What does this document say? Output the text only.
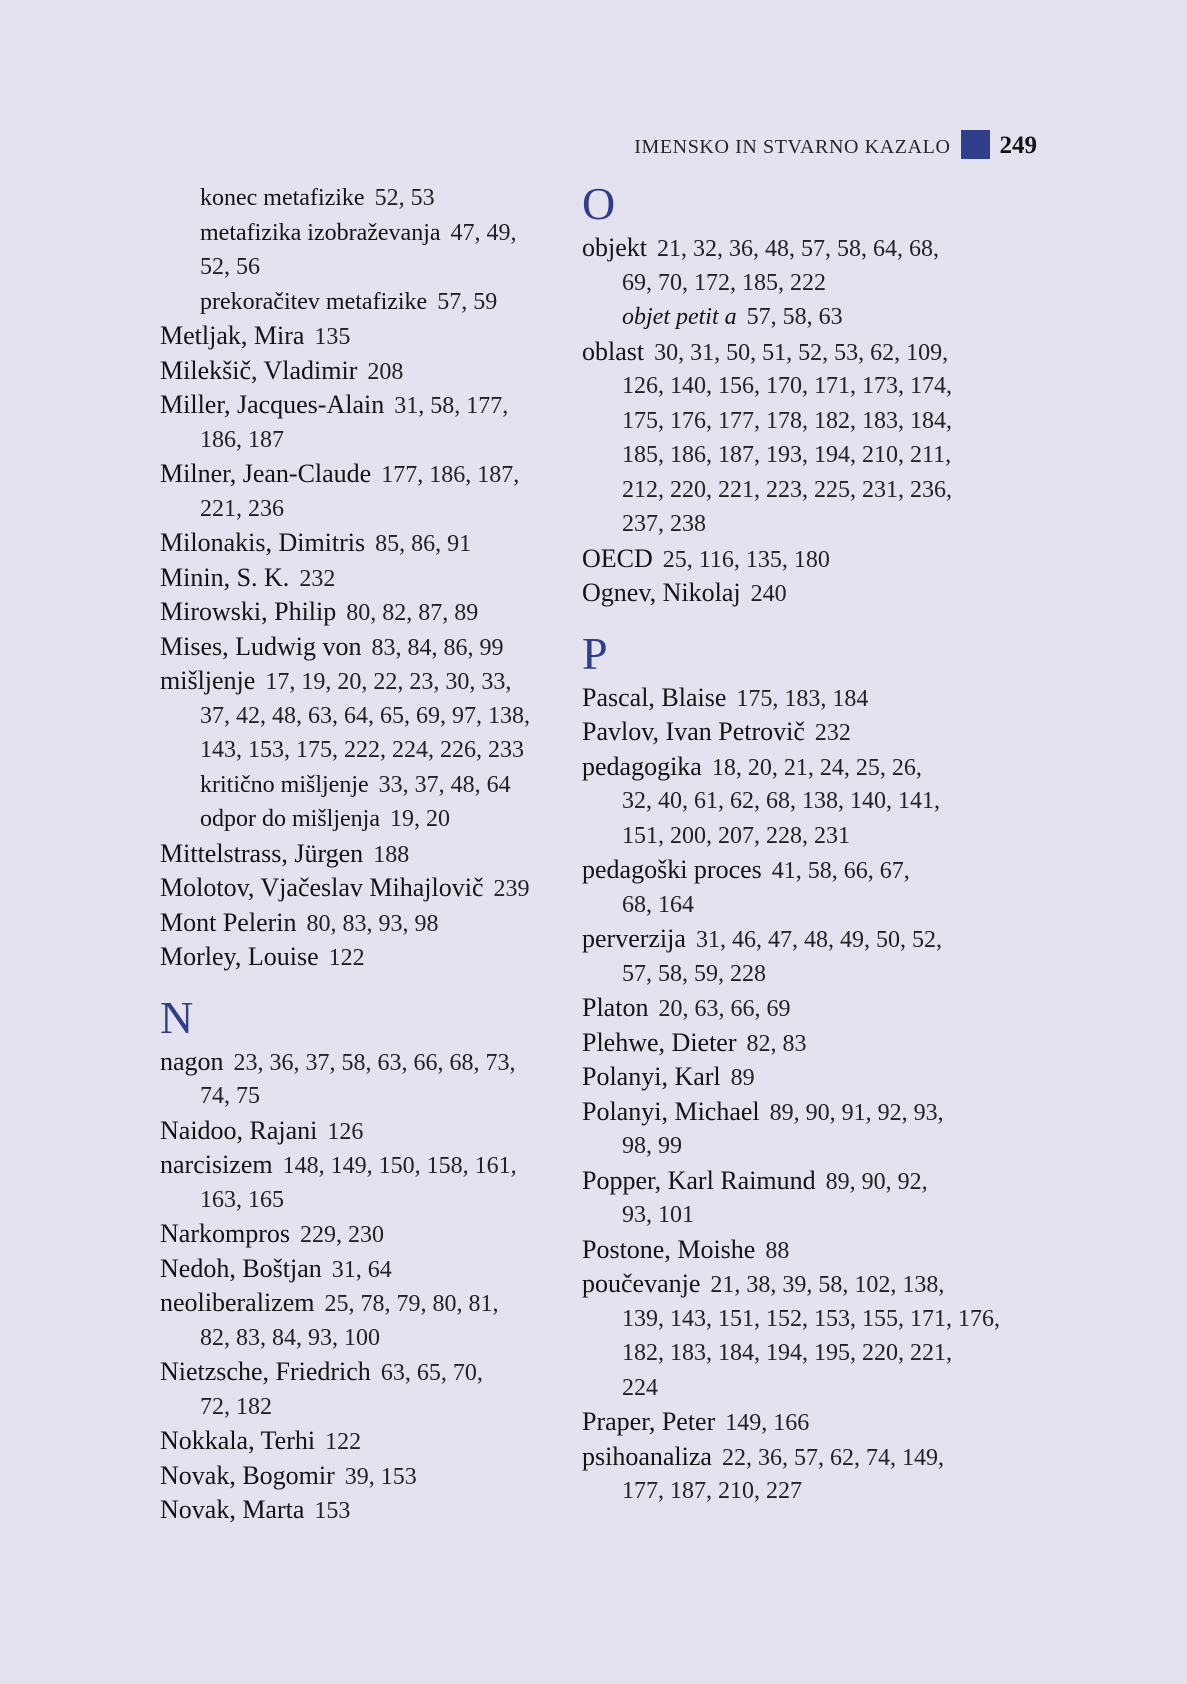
IMENSKO IN STVARNO KAZALO 249
konec metafizike 52, 53
metafizika izobraževanja 47, 49,
52, 56
prekoračitev metafizike 57, 59
Metljak, Mira 135
Milekšič, Vladimir 208
Miller, Jacques-Alain 31, 58, 177,
186, 187
Milner, Jean-Claude 177, 186, 187,
221, 236
Milonakis, Dimitris 85, 86, 91
Minin, S. K. 232
Mirowski, Philip 80, 82, 87, 89
Mises, Ludwig von 83, 84, 86, 99
mišljenje 17, 19, 20, 22, 23, 30, 33,
37, 42, 48, 63, 64, 65, 69, 97, 138,
143, 153, 175, 222, 224, 226, 233
kritično mišljenje 33, 37, 48, 64
odpor do mišljenja 19, 20
Mittelstrass, Jürgen 188
Molotov, Vjačeslav Mihajlovič 239
Mont Pelerin 80, 83, 93, 98
Morley, Louise 122
N
nagon 23, 36, 37, 58, 63, 66, 68, 73,
74, 75
Naidoo, Rajani 126
narcisizem 148, 149, 150, 158, 161,
163, 165
Narkompros 229, 230
Nedoh, Boštjan 31, 64
neoliberalizem 25, 78, 79, 80, 81,
82, 83, 84, 93, 100
Nietzsche, Friedrich 63, 65, 70,
72, 182
Nokkala, Terhi 122
Novak, Bogomir 39, 153
Novak, Marta 153
O
objekt 21, 32, 36, 48, 57, 58, 64, 68,
69, 70, 172, 185, 222
objet petit a 57, 58, 63
oblast 30, 31, 50, 51, 52, 53, 62, 109,
126, 140, 156, 170, 171, 173, 174,
175, 176, 177, 178, 182, 183, 184,
185, 186, 187, 193, 194, 210, 211,
212, 220, 221, 223, 225, 231, 236,
237, 238
OECD 25, 116, 135, 180
Ognev, Nikolaj 240
P
Pascal, Blaise 175, 183, 184
Pavlov, Ivan Petrovič 232
pedagogika 18, 20, 21, 24, 25, 26,
32, 40, 61, 62, 68, 138, 140, 141,
151, 200, 207, 228, 231
pedagoški proces 41, 58, 66, 67,
68, 164
perverzija 31, 46, 47, 48, 49, 50, 52,
57, 58, 59, 228
Platon 20, 63, 66, 69
Plehwe, Dieter 82, 83
Polanyi, Karl 89
Polanyi, Michael 89, 90, 91, 92, 93,
98, 99
Popper, Karl Raimund 89, 90, 92,
93, 101
Postone, Moishe 88
poučevanje 21, 38, 39, 58, 102, 138,
139, 143, 151, 152, 153, 155, 171, 176,
182, 183, 184, 194, 195, 220, 221,
224
Praper, Peter 149, 166
psihoanaliza 22, 36, 57, 62, 74, 149,
177, 187, 210, 227
